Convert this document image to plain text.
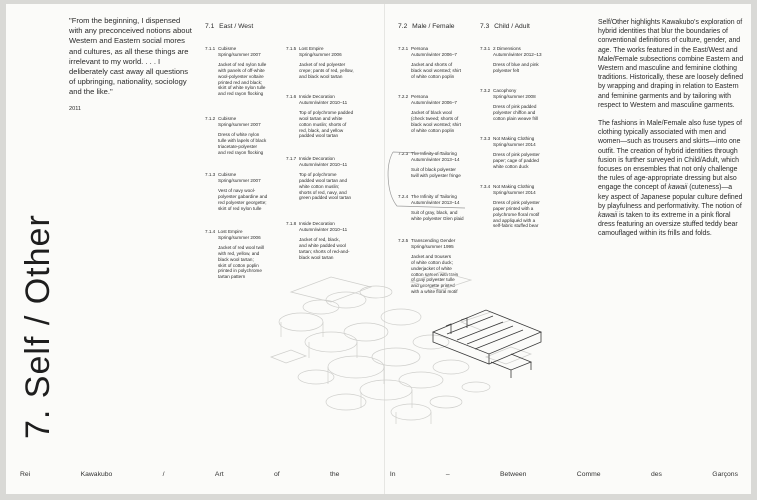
7. Self / Other
"From the beginning, I dispensed with any preconceived notions about Western and Eastern social mores and cultures, as all these things are irrelevant to my world. . . . I deliberately cast away all questions of upbringing, nationality, sociology and the like."
2011
7.1 East / West	7.2 Male / Female	7.3 Child / Adult
7.1.1 Cubisme
Spring/summer 2007
Jacket of red nylon tulle
with panels of off-white
wool-polyester voltaire
printed red and black;
skirt of white nylon tulle
and red rayon flocking
7.1.2 Cubisme
Spring/summer 2007
Dress of white nylon
tulle with lapels of black
triacetate-polyester
and red rayon flocking
7.1.3 Cubisme
Spring/summer 2007
Vest of navy wool-
polyester gabardine and
red polyester georgette;
skirt of red nylon tulle
7.1.4 Lost Empire
Spring/summer 2006
Jacket of red wool twill
with red, yellow, and
black wool tartan;
skirt of cotton poplin
printed in polychrome
tartan pattern
7.1.5 Lost Empire
Spring/summer 2006
Jacket of red polyester
crepe; pants of red, yellow,
and black wool tartan
7.1.6 Inside Decoration
Autumn/winter 2010–11
Top of polychrome padded
wool tartan and white
cotton muslin; shorts of
red, black, and yellow
padded wool tartan
7.1.7 Inside Decoration
Autumn/winter 2010–11
Top of polychrome
padded wool tartan and
white cotton muslin;
shorts of red, navy, and
green padded wool tartan
7.1.8 Inside Decoration
Autumn/winter 2010–11
Jacket of red, black,
and white padded wool
tartan; shorts of red-and-
black wool tartan
7.2.1 Persona
Autumn/winter 2006–7
Jacket and shorts of
black wool worsted; shirt
of white cotton poplin
7.2.2 Persona
Autumn/winter 2006–7
Jacket of black wool
(check tweed; shorts of
black wool worsted; shirt
of white cotton poplin
7.2.3 The Infinity of Tailoring
Autumn/winter 2013–14
Suit of black polyester
twill with polyester fringe
7.2.4 The Infinity of Tailoring
Autumn/winter 2013–14
Suit of gray, black, and
white polyester Glen plaid
7.2.5 Transcending Gender
Spring/summer 1995
Jacket and trousers
of white cotton duck;
underjacket of white
cotton sateen with train
of gray polyester tulle
and georgette printed
with a white floral motif
7.3.1 2 Dimensions
Autumn/winter 2012–13
Dress of blue and pink
polyester felt
7.3.2 Cacophony
Spring/summer 2008
Dress of pink padded
polyester chiffon and
cotton plain weave frill
7.3.3 Not Making Clothing
Spring/summer 2014
Dress of pink polyester
paper; cage of padded
white cotton duck
7.3.4 Not Making Clothing
Spring/summer 2014
Dress of pink polyester
paper printed with a
polychrome floral motif
and appliquéd with a
self-fabric stuffed bear

Self/Other highlights Kawakubo's exploration of hybrid identities that blur the boundaries of conventional definitions of culture, gender, and age. The works featured in the East/West and Male/Female subsections combine Eastern and Western and masculine and feminine clothing traditions. Historically, these are loosely defined by wrapping and draping in relation to Eastern and feminine garments and by tailoring with respect to Western and masculine garments.

The fashions in Male/Female also fuse types of clothing typically associated with men and women—such as trousers and skirts—into one outfit. The creation of hybrid identities through fusion is further surveyed in Child/Adult, which focuses on ensembles that not only challenge the rules of age-appropriate dressing but also engage the concept of kawaii (cuteness)—a key aspect of Japanese popular culture defined by playfulness and performativity. The notion of kawaii is taken to its extreme in a pink floral dress featuring an oversize stuffed teddy bear camouflaged within its frills and folds.

Rei	Kawakubo	/	Art	of	the	In	–	Between	Comme	des	Garçons
